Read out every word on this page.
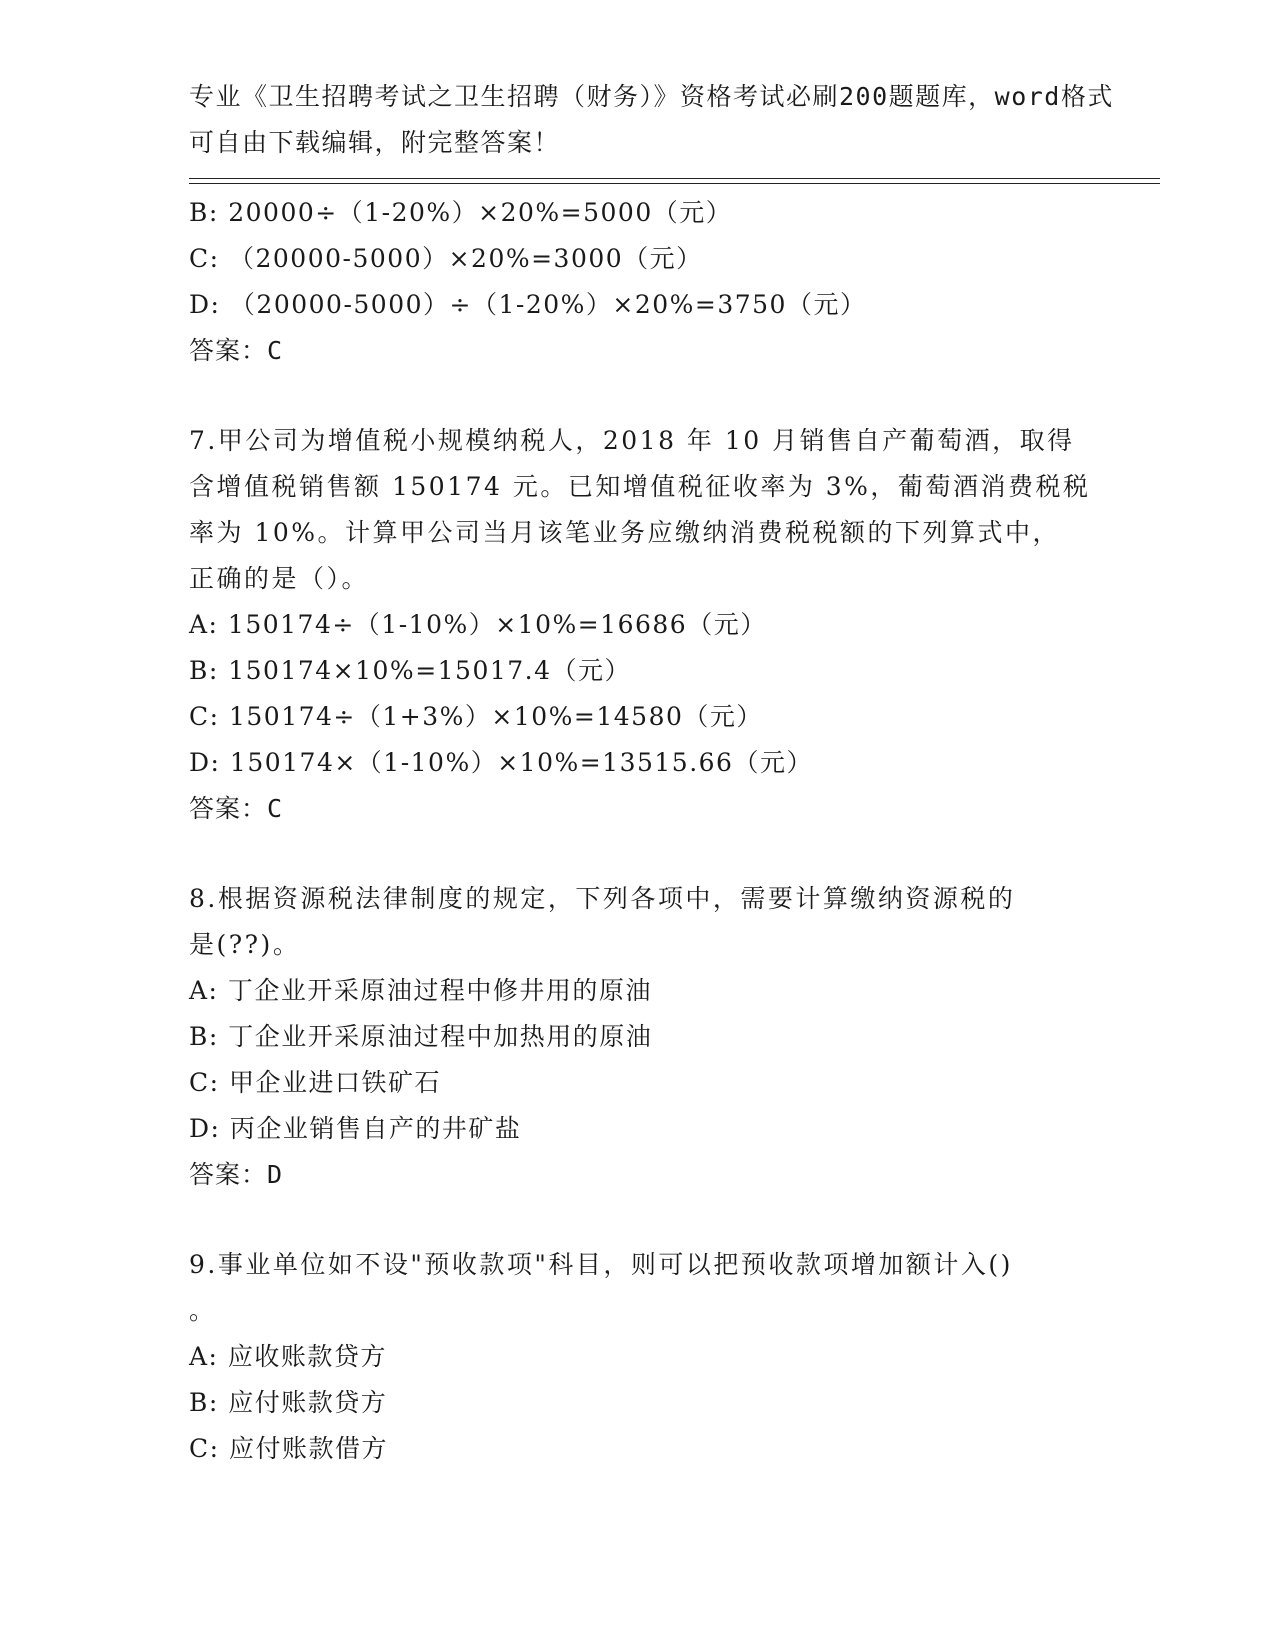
专业《卫生招聘考试之卫生招聘（财务）》资格考试必刷200题题库，word格式
可自由下载编辑，附完整答案！
B: 20000÷（1-20%）×20%=5000（元）
C: （20000-5000）×20%=3000（元）
D: （20000-5000）÷（1-20%）×20%=3750（元）
答案：C
7.甲公司为增值税小规模纳税人，2018 年 10 月销售自产葡萄酒，取得
含增值税销售额 150174 元。已知增值税征收率为 3%，葡萄酒消费税税
率为 10%。计算甲公司当月该笔业务应缴纳消费税税额的下列算式中，
正确的是（）。
A: 150174÷（1-10%）×10%=16686（元）
B: 150174×10%=15017.4（元）
C: 150174÷（1+3%）×10%=14580（元）
D: 150174×（1-10%）×10%=13515.66（元）
答案：C
8.根据资源税法律制度的规定，下列各项中，需要计算缴纳资源税的
是(??)。
A: 丁企业开采原油过程中修井用的原油
B: 丁企业开采原油过程中加热用的原油
C: 甲企业进口铁矿石
D: 丙企业销售自产的井矿盐
答案：D
9.事业单位如不设"预收款项"科目，则可以把预收款项增加额计入()
。
A: 应收账款贷方
B: 应付账款贷方
C: 应付账款借方
